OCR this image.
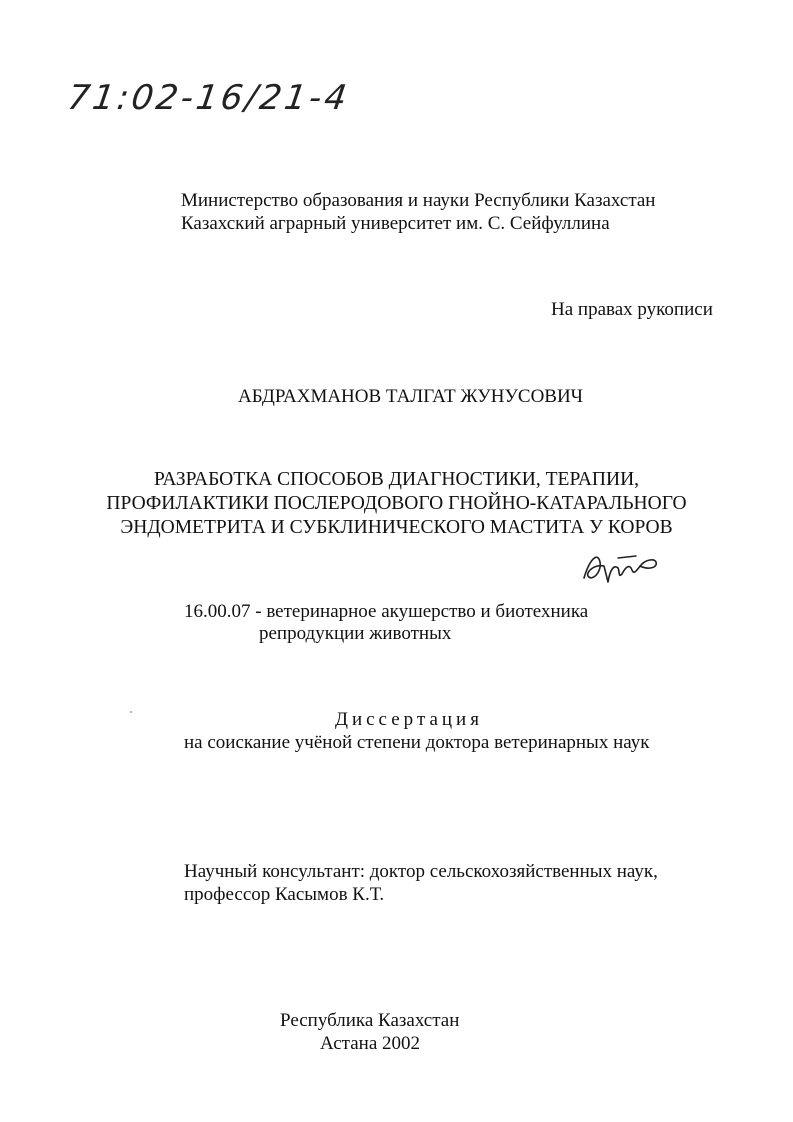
71:02-16/21-4
Министерство образования и науки Республики Казахстан
Казахский аграрный университет им. С. Сейфуллина
На правах рукописи
АБДРАХМАНОВ ТАЛГАТ ЖУНУСОВИЧ
РАЗРАБОТКА СПОСОБОВ ДИАГНОСТИКИ, ТЕРАПИИ,
ПРОФИЛАКТИКИ ПОСЛЕРОДОВОГО ГНОЙНО-КАТАРАЛЬНОГО
ЭНДОМЕТРИТА И СУБКЛИНИЧЕСКОГО МАСТИТА У КОРОВ
16.00.07 - ветеринарное акушерство и биотехника
репродукции животных
Диссертация
на соискание учёной степени доктора ветеринарных наук
Научный консультант: доктор сельскохозяйственных наук,
профессор Касымов К.Т.
Республика Казахстан
Астана 2002
